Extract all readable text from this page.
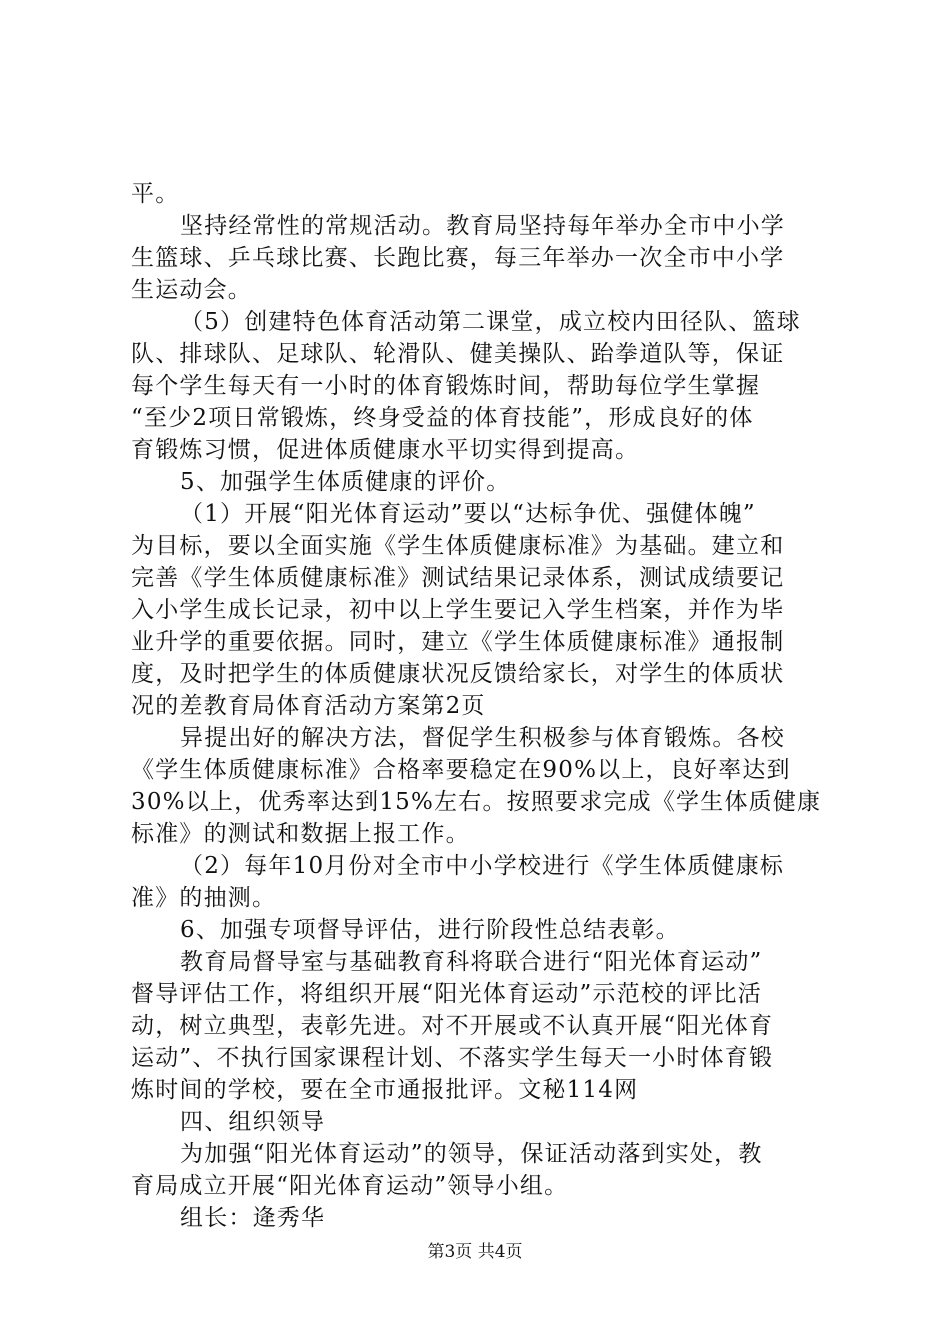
平。
坚持经常性的常规活动。教育局坚持每年举办全市中小学
生篮球、乒乓球比赛、长跑比赛，每三年举办一次全市中小学
生运动会。
（5）创建特色体育活动第二课堂，成立校内田径队、篮球
队、排球队、足球队、轮滑队、健美操队、跆拳道队等，保证
每个学生每天有一小时的体育锻炼时间，帮助每位学生掌握
“至少2项日常锻炼，终身受益的体育技能”，形成良好的体
育锻炼习惯，促进体质健康水平切实得到提高。
5、加强学生体质健康的评价。
（1）开展“阳光体育运动”要以“达标争优、强健体魄”
为目标，要以全面实施《学生体质健康标准》为基础。建立和
完善《学生体质健康标准》测试结果记录体系，测试成绩要记
入小学生成长记录，初中以上学生要记入学生档案，并作为毕
业升学的重要依据。同时，建立《学生体质健康标准》通报制
度，及时把学生的体质健康状况反馈给家长，对学生的体质状
况的差教育局体育活动方案第2页
异提出好的解决方法，督促学生积极参与体育锻炼。各校
《学生体质健康标准》合格率要稳定在90%以上，良好率达到
30%以上，优秀率达到15%左右。按照要求完成《学生体质健康
标准》的测试和数据上报工作。
（2）每年10月份对全市中小学校进行《学生体质健康标
准》的抽测。
6、加强专项督导评估，进行阶段性总结表彰。
教育局督导室与基础教育科将联合进行“阳光体育运动”
督导评估工作，将组织开展“阳光体育运动”示范校的评比活
动，树立典型，表彰先进。对不开展或不认真开展“阳光体育
运动”、不执行国家课程计划、不落实学生每天一小时体育锻
炼时间的学校，要在全市通报批评。文秘114网
四、组织领导
为加强“阳光体育运动”的领导，保证活动落到实处，教
育局成立开展“阳光体育运动”领导小组。
组长：逄秀华
第3页 共4页
